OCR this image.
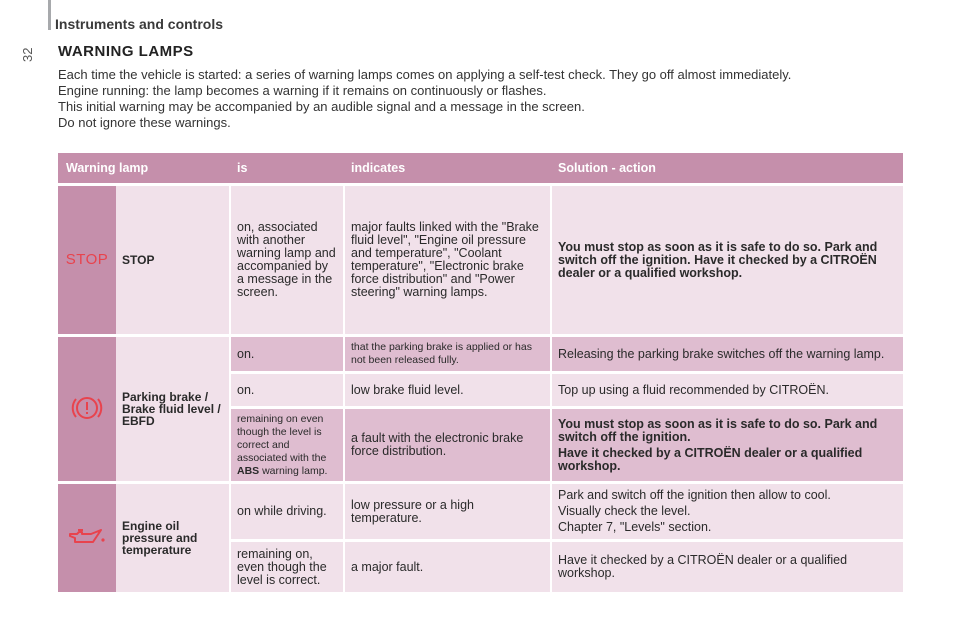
Instruments and controls
32 WARNING LAMPS
Each time the vehicle is started: a series of warning lamps comes on applying a self-test check. They go off almost immediately.
Engine running: the lamp becomes a warning if it remains on continuously or flashes.
This initial warning may be accompanied by an audible signal and a message in the screen.
Do not ignore these warnings.
Warning lamp		is	indicates	Solution - action
STOP	STOP	on, associated with another warning lamp and accompanied by a message in the screen.	major faults linked with the "Brake fluid level", "Engine oil pressure and temperature", "Coolant temperature", "Electronic brake force distribution" and "Power steering" warning lamps.	You must stop as soon as it is safe to do so. Park and switch off the ignition. Have it checked by a CITROËN dealer or a qualified workshop.
	Parking brake / Brake fluid level / EBFD	on.	that the parking brake is applied or has not been released fully.	Releasing the parking brake switches off the warning lamp.
		on.	low brake fluid level.	Top up using a fluid recommended by CITROËN.
		remaining on even though the level is correct and associated with the ABS warning lamp.	a fault with the electronic brake force distribution.	You must stop as soon as it is safe to do so. Park and switch off the ignition.

Have it checked by a CITROËN dealer or a qualified workshop.

	Engine oil pressure and temperature	on while driving.	low pressure or a high temperature.	Park and switch off the ignition then allow to cool.

Visually check the level.

Chapter 7, "Levels" section.

		remaining on, even though the level is correct.	a major fault.	Have it checked by a CITROËN dealer or a qualified workshop.
